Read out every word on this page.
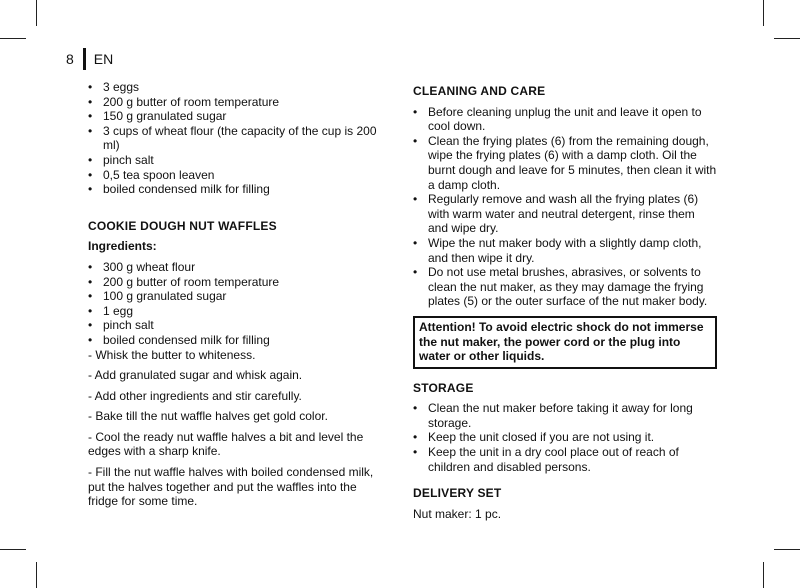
8 EN
• 3 eggs
• 200 g butter of room temperature
• 150 g granulated sugar
• 3 cups of wheat flour (the capacity of the cup is 200 ml)
• pinch salt
• 0,5 tea spoon leaven
• boiled condensed milk for filling
COOKIE DOUGH NUT WAFFLES

Ingredients:

• 300 g wheat flour
• 200 g butter of room temperature
• 100 g granulated sugar
• 1 egg
• pinch salt
• boiled condensed milk for filling

- Whisk the butter to whiteness.

- Add granulated sugar and whisk again.

- Add other ingredients and stir carefully.

- Bake till the nut waffle halves get gold color.

- Cool the ready nut waffle halves a bit and level the edges with a sharp knife.

- Fill the nut waffle halves with boiled condensed milk, put the halves together and put the waffles into the fridge for some time.

CLEANING AND CARE
• Before cleaning unplug the unit and leave it open to cool down.
• Clean the frying plates (6) from the remaining dough, wipe the frying plates (6) with a damp cloth. Oil the burnt dough and leave for 5 minutes, then clean it with a damp cloth.
• Regularly remove and wash all the frying plates (6) with warm water and neutral detergent, rinse them and wipe dry.
• Wipe the nut maker body with a slightly damp cloth, and then wipe it dry.
• Do not use metal brushes, abrasives, or solvents to clean the nut maker, as they may damage the frying plates (5) or the outer surface of the nut maker body.
Attention! To avoid electric shock do not immerse the nut maker, the power cord or the plug into water or other liquids.
STORAGE
• Clean the nut maker before taking it away for long storage.
• Keep the unit closed if you are not using it.
• Keep the unit in a dry cool place out of reach of children and disabled persons.
DELIVERY SET

Nut maker: 1 pc.
